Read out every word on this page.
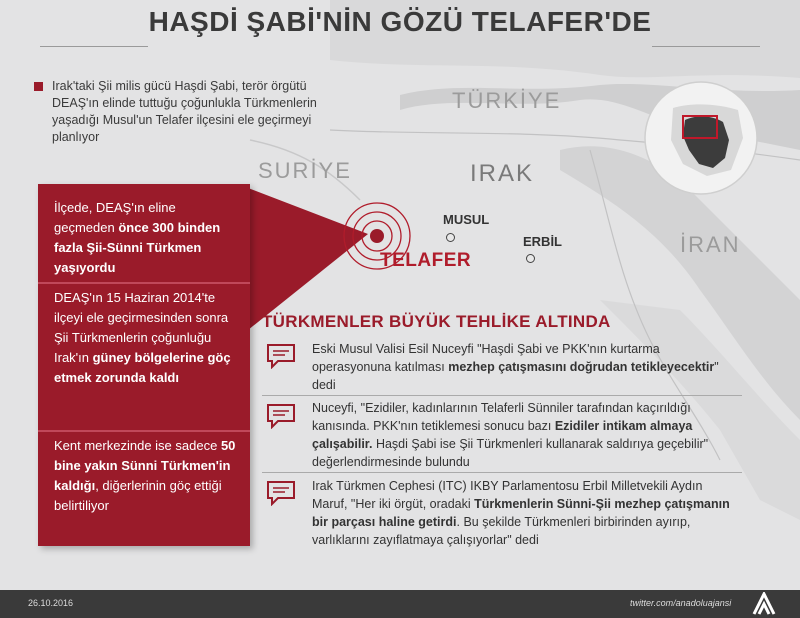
HAŞDİ ŞABİ'NİN GÖZÜ TELAFER'DE
Irak'taki Şii milis gücü Haşdi Şabi, terör örgütü DEAŞ'ın elinde tuttuğu çoğunlukla Türkmenlerin yaşadığı Musul'un Telafer ilçesini ele geçirmeyi planlıyor
TÜRKİYE
SURİYE	IRAK
İRAN
MUSUL
ERBİL
TELAFER
İlçede, DEAŞ'ın eline geçmeden önce 300 binden fazla Şii-Sünni Türkmen yaşıyordu
DEAŞ'ın 15 Haziran 2014'te ilçeyi ele geçirmesinden sonra Şii Türkmenlerin çoğunluğu Irak'ın güney bölgelerine göç etmek zorunda kaldı
Kent merkezinde ise sadece 50 bine yakın Sünni Türkmen'in kaldığı, diğerlerinin göç ettiği belirtiliyor
TÜRKMENLER BÜYÜK TEHLİKE ALTINDA
Eski Musul Valisi Esil Nuceyfi "Haşdi Şabi ve PKK'nın kurtarma operasyonuna katılması mezhep çatışmasını doğrudan tetikleyecektir" dedi
Nuceyfi, "Ezidiler, kadınlarının Telaferli Sünniler tarafından kaçırıldığı kanısında. PKK'nın tetiklemesi sonucu bazı Ezidiler intikam almaya çalışabilir. Haşdi Şabi ise Şii Türkmenleri kullanarak saldırıya geçebilir" değerlendirmesinde bulundu
Irak Türkmen Cephesi (ITC) IKBY Parlamentosu Erbil Milletvekili Aydın Maruf, "Her iki örgüt, oradaki Türkmenlerin Sünni-Şii mezhep çatışmanın bir parçası haline getirdi. Bu şekilde Türkmenleri birbirinden ayırıp, varlıklarını zayıflatmaya çalışıyorlar" dedi
26.10.2016	twitter.com/anadoluajansi
